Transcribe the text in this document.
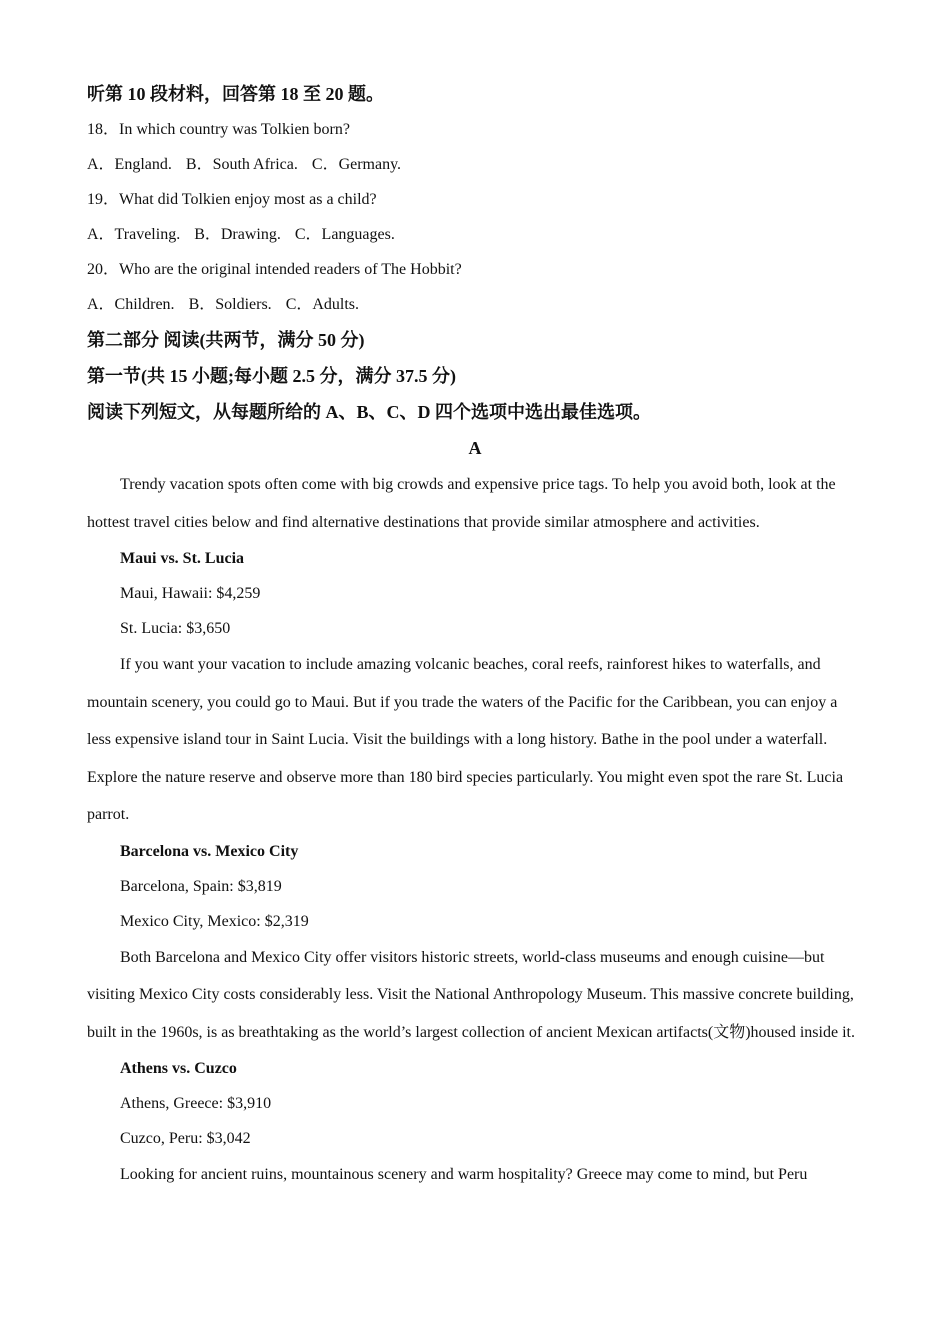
听第 10 段材料，回答第 18 至 20 题。
18．In which country was Tolkien born?
A．England. B．South Africa. C．Germany.
19．What did Tolkien enjoy most as a child?
A．Traveling. B．Drawing. C．Languages.
20．Who are the original intended readers of The Hobbit?
A．Children. B．Soldiers. C．Adults.
第二部分 阅读(共两节，满分 50 分)
第一节(共 15 小题;每小题 2.5 分，满分 37.5 分)
阅读下列短文，从每题所给的 A、B、C、D 四个选项中选出最佳选项。
A

Trendy vacation spots often come with big crowds and expensive price tags. To help you avoid both, look at the hottest travel cities below and find alternative destinations that provide similar atmosphere and activities.

Maui vs. St. Lucia
Maui, Hawaii: $4,259
St. Lucia: $3,650

If you want your vacation to include amazing volcanic beaches, coral reefs, rainforest hikes to waterfalls, and mountain scenery, you could go to Maui. But if you trade the waters of the Pacific for the Caribbean, you can enjoy a less expensive island tour in Saint Lucia. Visit the buildings with a long history. Bathe in the pool under a waterfall. Explore the nature reserve and observe more than 180 bird species particularly. You might even spot the rare St. Lucia parrot.

Barcelona vs. Mexico City
Barcelona, Spain: $3,819
Mexico City, Mexico: $2,319

Both Barcelona and Mexico City offer visitors historic streets, world-class museums and enough cuisine—but visiting Mexico City costs considerably less. Visit the National Anthropology Museum. This massive concrete building, built in the 1960s, is as breathtaking as the world’s largest collection of ancient Mexican artifacts(文物)housed inside it.

Athens vs. Cuzco
Athens, Greece: $3,910
Cuzco, Peru: $3,042

Looking for ancient ruins, mountainous scenery and warm hospitality? Greece may come to mind, but Peru
